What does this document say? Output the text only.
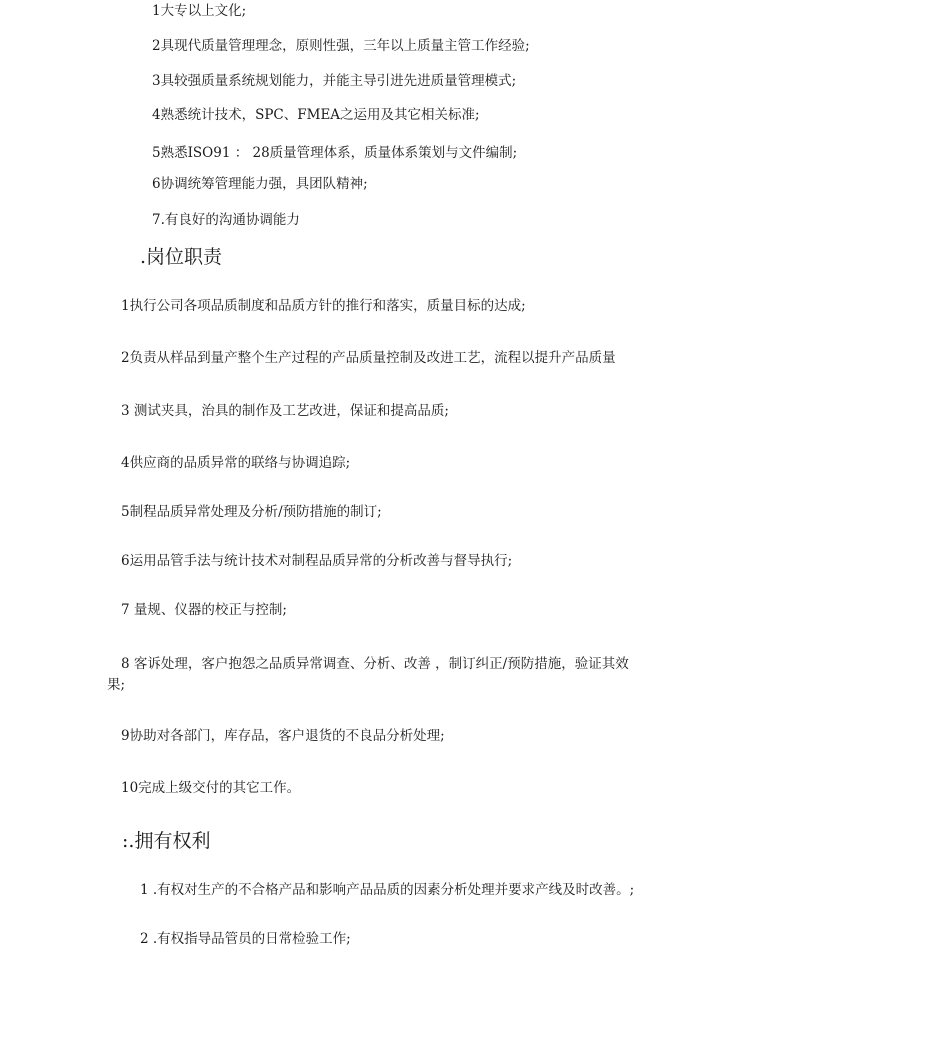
1大专以上文化;
2具现代质量管理理念，原则性强，三年以上质量主管工作经验;
3具较强质量系统规划能力，并能主导引进先进质量管理模式;
4熟悉统计技术，SPC、FMEA之运用及其它相关标准;
5熟悉ISO91 ： 28质量管理体系，质量体系策划与文件编制;
6协调统筹管理能力强，具团队精神;
7.有良好的沟通协调能力
.岗位职责
1执行公司各项品质制度和品质方针的推行和落实，质量目标的达成;
2负责从样品到量产整个生产过程的产品质量控制及改进工艺，流程以提升产品质量
3 测试夹具，治具的制作及工艺改进，保证和提高品质;
4供应商的品质异常的联络与协调追踪;
5制程品质异常处理及分析/预防措施的制订;
6运用品管手法与统计技术对制程品质异常的分析改善与督导执行;
7 量规、仪器的校正与控制;
8 客诉处理，客户抱怨之品质异常调查、分析、改善 ，制订纠正/预防措施，验证其效
果;
9协助对各部门，库存品，客户退货的不良品分析处理;
10完成上级交付的其它工作。
:.拥有权利
1 .有权对生产的不合格产品和影响产品品质的因素分析处理并要求产线及时改善。;
2 .有权指导品管员的日常检验工作;
